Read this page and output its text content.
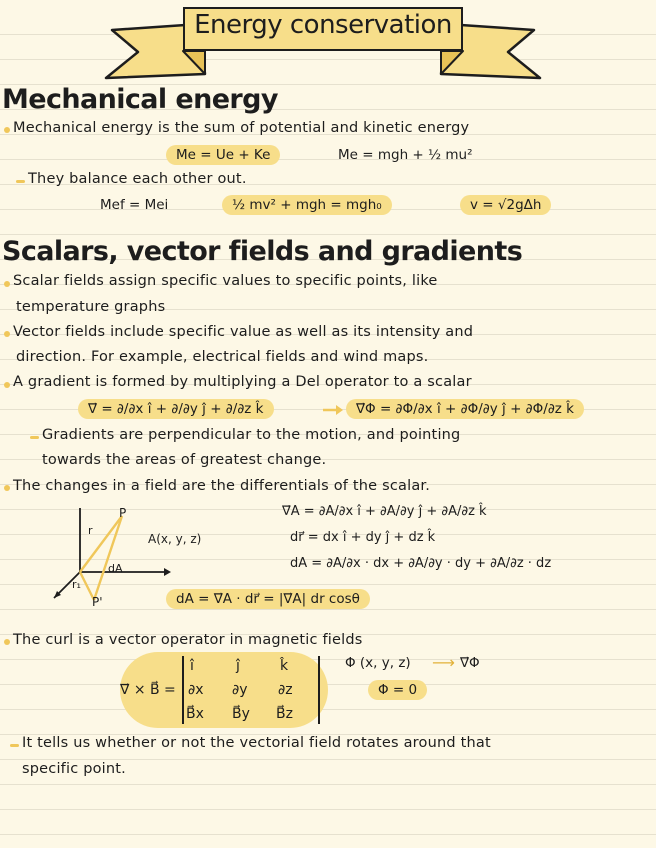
Energy conservation
Mechanical energy
Mechanical energy is the sum of potential and kinetic energy
Me = Ue + Ke	Me = mgh + ½ mu²
They balance each other out.
Mef = Mei	½ mv² + mgh = mgh₀	v = √2gΔh
Scalars, vector fields and gradients
Scalar fields assign specific values to specific points, like
temperature graphs
Vector fields include specific value as well as its intensity and
direction. For example, electrical fields and wind maps.
A gradient is formed by multiplying a Del operator to a scalar
∇⃗ = ∂/∂x î + ∂/∂y ĵ + ∂/∂z k̂	∇⃗Φ = ∂Φ/∂x î + ∂Φ/∂y ĵ + ∂Φ/∂z k̂
Gradients are perpendicular to the motion, and pointing
towards the areas of greatest change.
The changes in a field are the differentials of the scalar.
P
P'
r
r₁
A(x, y, z)
dA
∇⃗A = ∂A/∂x î + ∂A/∂y ĵ + ∂A/∂z k̂
dr⃗ = dx î + dy ĵ + dz k̂
dA = ∂A/∂x · dx + ∂A/∂y · dy + ∂A/∂z · dz
dA = ∇⃗A · dr⃗ = |∇⃗A| dr cosθ
The curl is a vector operator in magnetic fields
∇⃗ × B⃗ =
î	ĵ	k̂
∂x ∂y ∂z
B⃗x B⃗y B⃗z
Φ (x, y, z) ⟶ ∇⃗Φ
Φ = 0
It tells us whether or not the vectorial field rotates around that
specific point.
